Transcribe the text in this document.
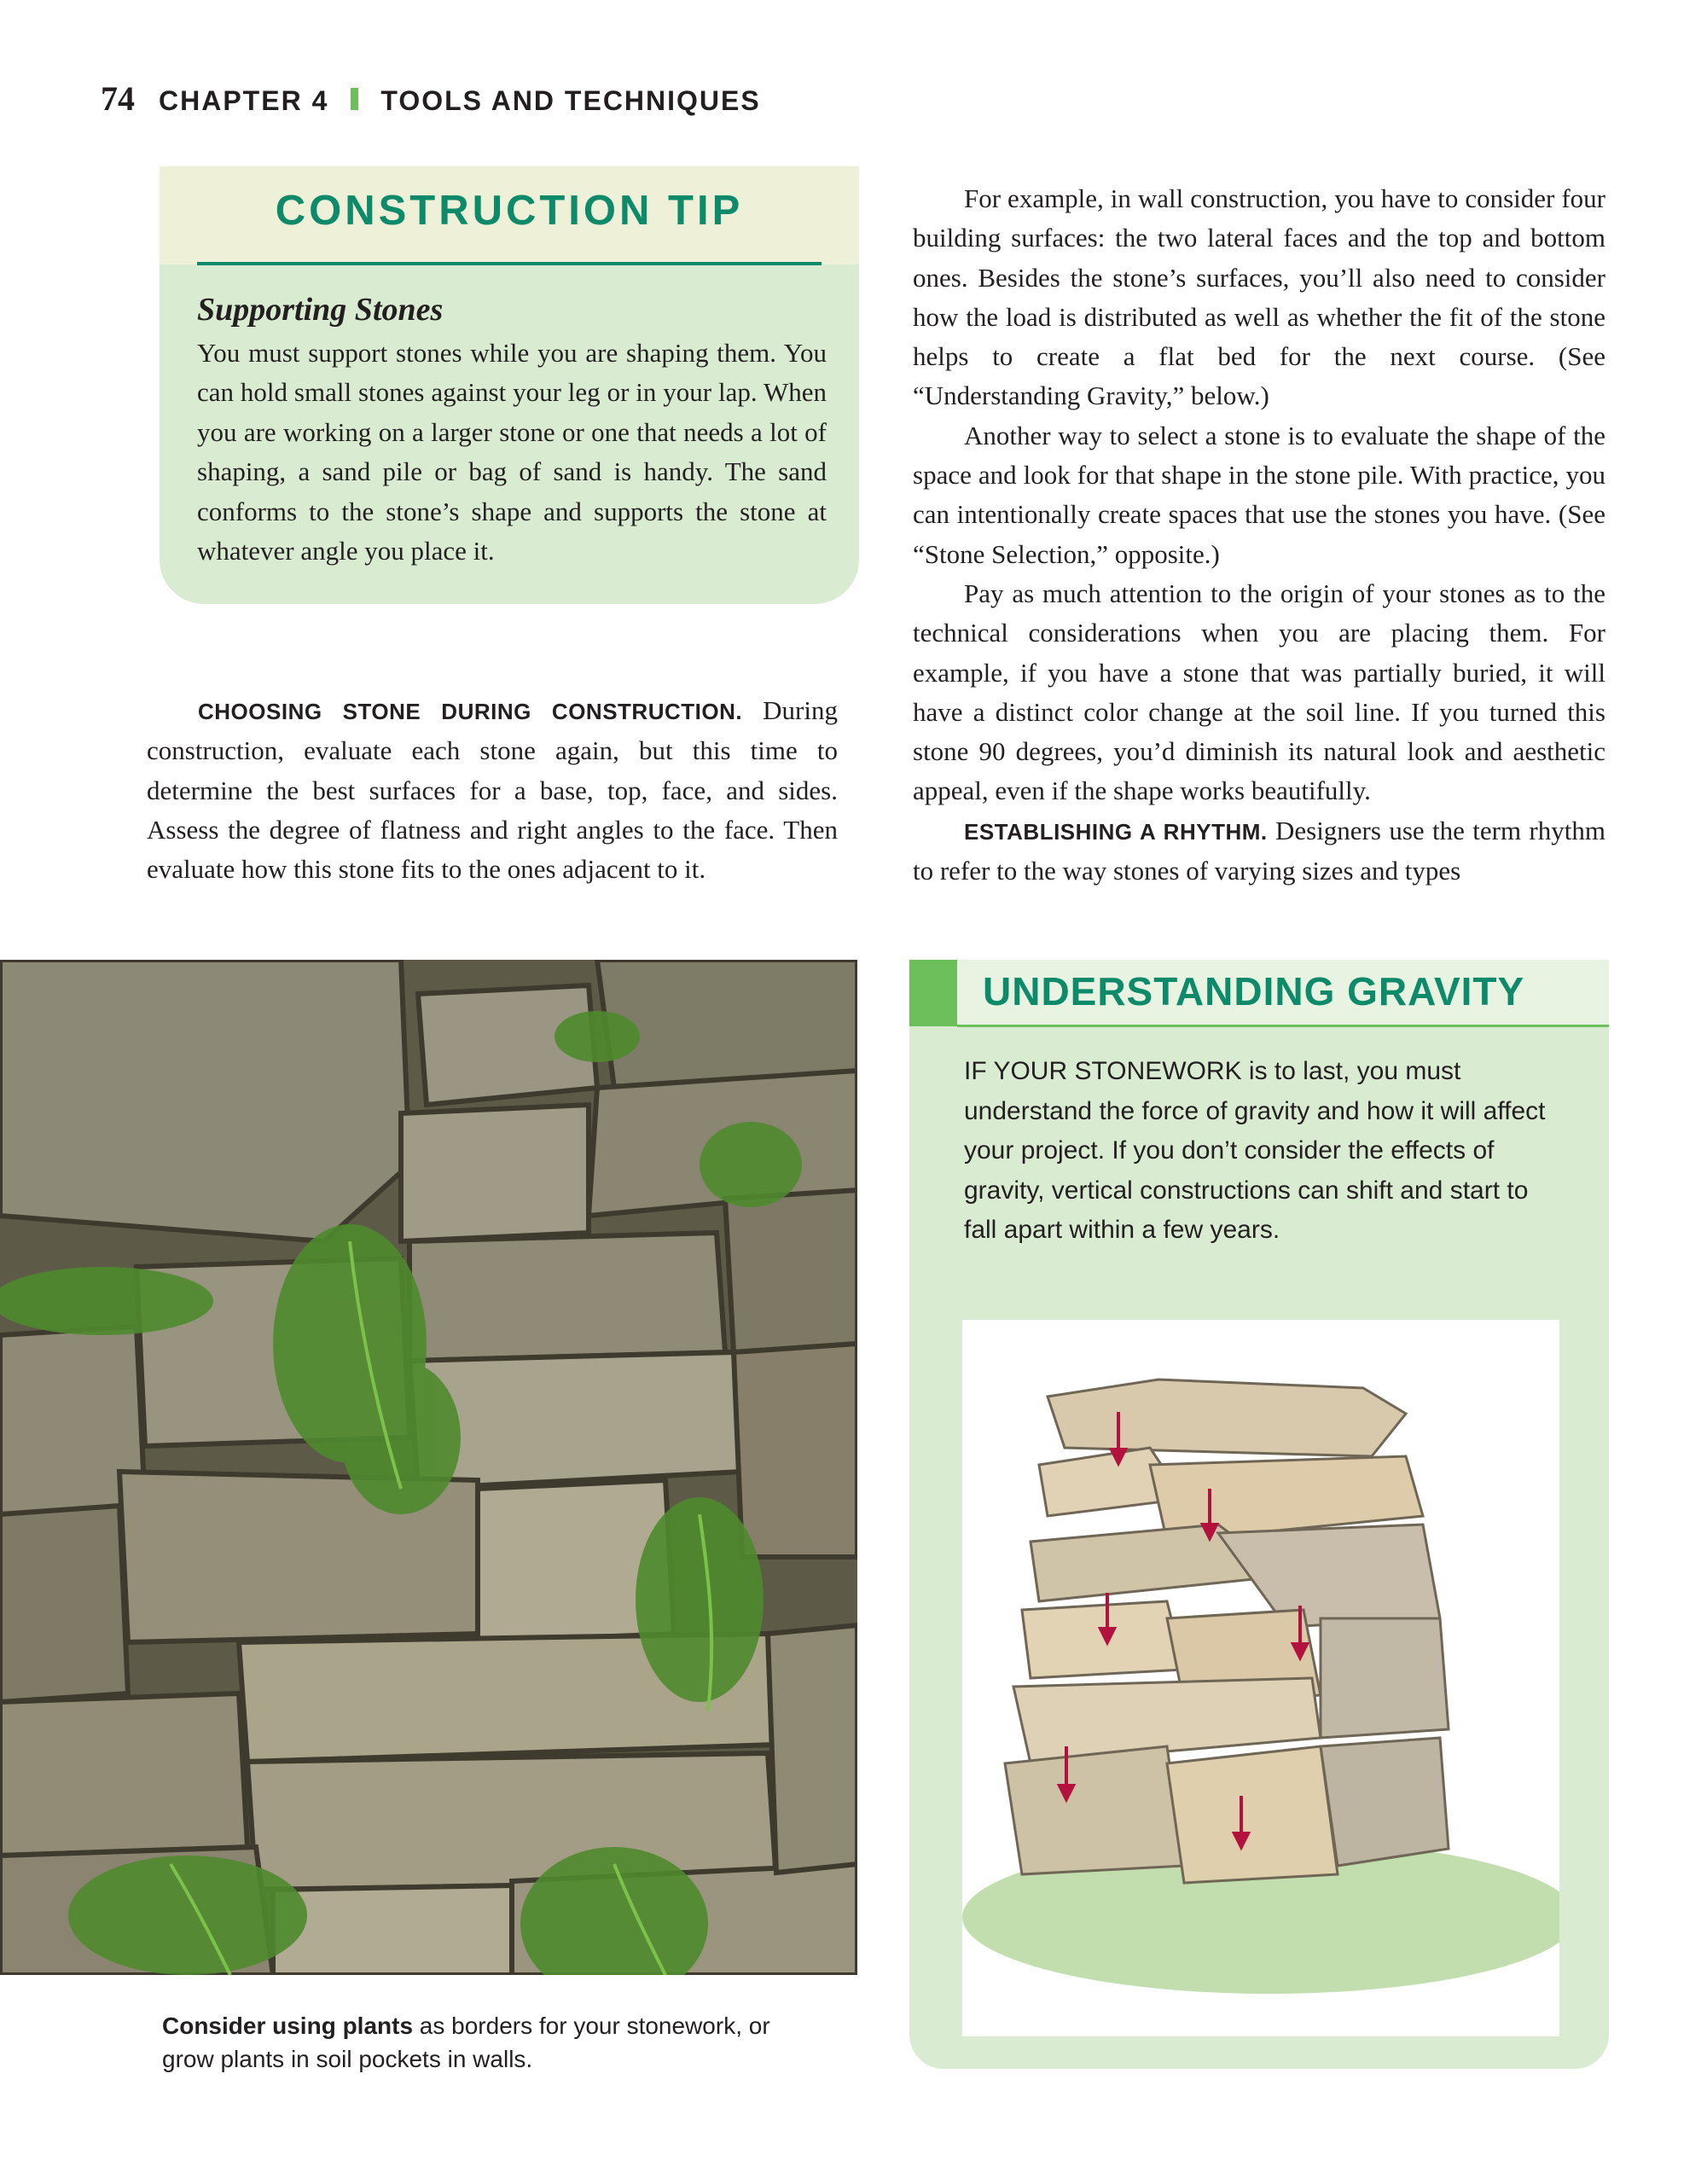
74 CHAPTER 4 TOOLS AND TECHNIQUES
CONSTRUCTION TIP
Supporting Stones
You must support stones while you are shaping them. You can hold small stones against your leg or in your lap. When you are working on a larger stone or one that needs a lot of shaping, a sand pile or bag of sand is handy. The sand conforms to the stone’s shape and supports the stone at whatever angle you place it.

CHOOSING STONE DURING CONSTRUCTION. During construction, evaluate each stone again, but this time to determine the best surfaces for a base, top, face, and sides. Assess the degree of flatness and right angles to the face. Then evaluate how this stone fits to the ones adjacent to it.

For example, in wall construction, you have to consider four building surfaces: the two lateral faces and the top and bottom ones. Besides the stone’s surfaces, you’ll also need to consider how the load is distributed as well as whether the fit of the stone helps to create a flat bed for the next course. (See “Understanding Gravity,” below.)

Another way to select a stone is to evaluate the shape of the space and look for that shape in the stone pile. With practice, you can intentionally create spaces that use the stones you have. (See “Stone Selection,” opposite.)

Pay as much attention to the origin of your stones as to the technical considerations when you are placing them. For example, if you have a stone that was partially buried, it will have a distinct color change at the soil line. If you turned this stone 90 degrees, you’d diminish its natural look and aesthetic appeal, even if the shape works beautifully.

ESTABLISHING A RHYTHM. Designers use the term rhythm to refer to the way stones of varying sizes and types

Consider using plants as borders for your stonework, or grow plants in soil pockets in walls.
UNDERSTANDING GRAVITY
IF YOUR STONEWORK is to last, you must understand the force of gravity and how it will affect your project. If you don’t consider the effects of gravity, vertical constructions can shift and start to fall apart within a few years.
